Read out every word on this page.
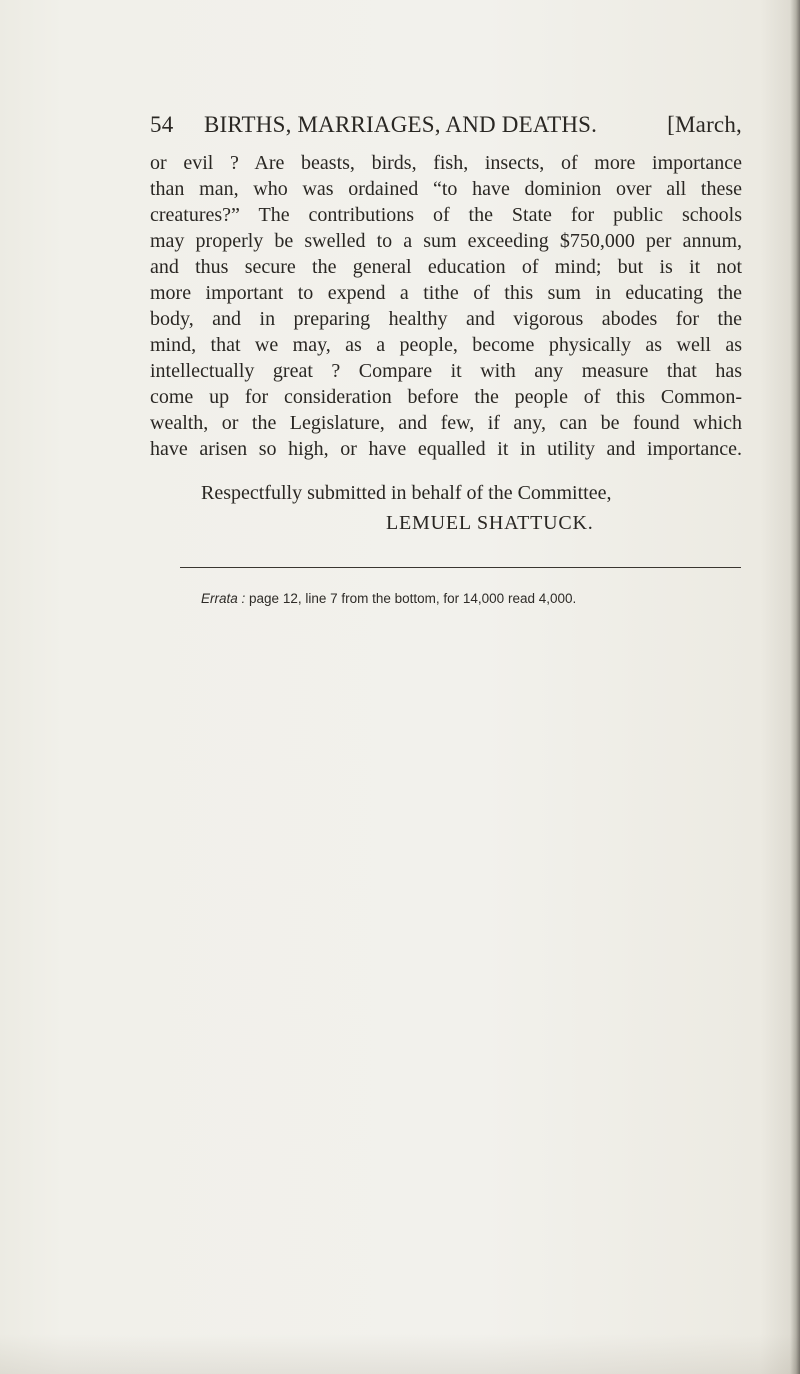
54 BIRTHS, MARRIAGES, AND DEATHS.	[March,
or evil ? Are beasts, birds, fish, insects, of more importance
than man, who was ordained “to have dominion over all these
creatures?” The contributions of the State for public schools
may properly be swelled to a sum exceeding $750,000 per annum,
and thus secure the general education of mind; but is it not
more important to expend a tithe of this sum in educating the
body, and in preparing healthy and vigorous abodes for the
mind, that we may, as a people, become physically as well as
intellectually great ? Compare it with any measure that has
come up for consideration before the people of this Common-
wealth, or the Legislature, and few, if any, can be found which
have arisen so high, or have equalled it in utility and importance.
Respectfully submitted in behalf of the Committee,
LEMUEL SHATTUCK.
Errata : page 12, line 7 from the bottom, for 14,000 read 4,000.
